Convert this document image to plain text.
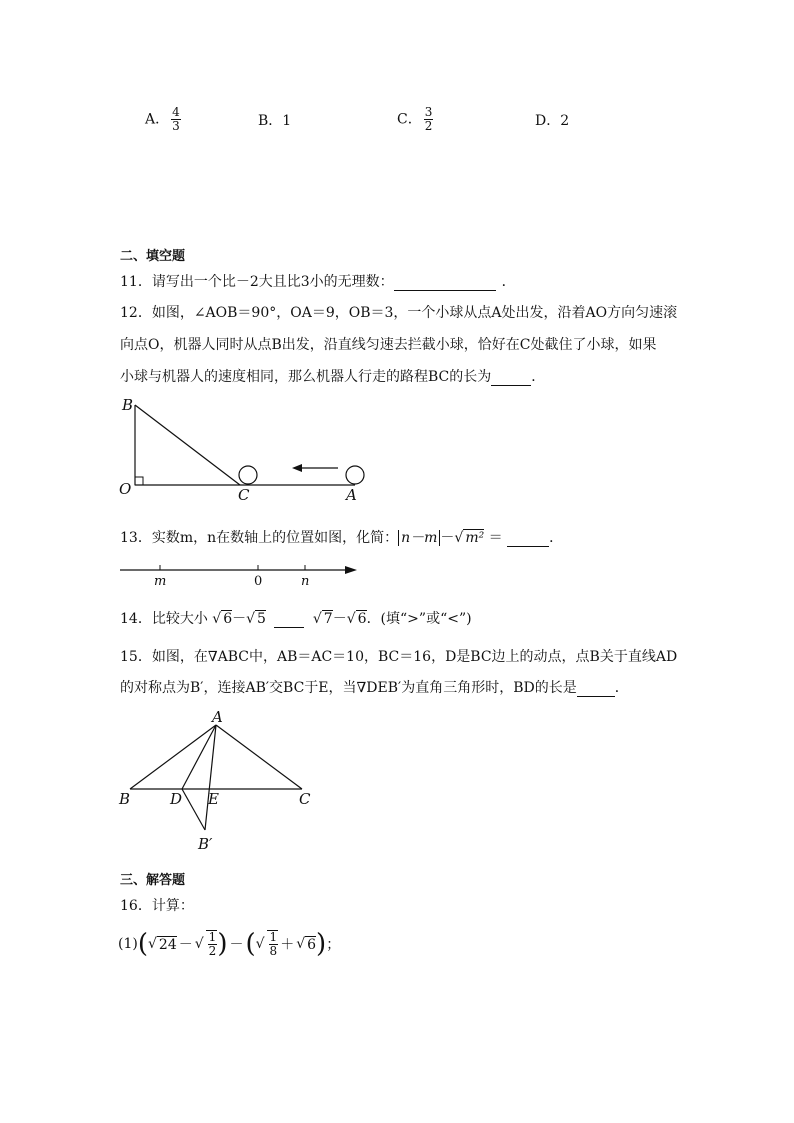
A． $\frac{4}{3}$	B．1	C． $\frac{3}{2}$	D．2
二、填空题
11．请写出一个比－2大且比3小的无理数：	．
12．如图，∠AOB＝90°，OA＝9，OB＝3，一个小球从点A处出发，沿着AO方向匀速滚
向点O，机器人同时从点B出发，沿直线匀速去拦截小球，恰好在C处截住了小球，如果
小球与机器人的速度相同，那么机器人行走的路程BC的长为	．
B
O	C	A
13．实数m，n在数轴上的位置如图，化简： n－m －√ m² ＝	．
m	0	n
14．比较大小 √ 6－√ 5	√ 7－√ 6．(填“>”或“<”)
15．如图，在∇ABC中，AB＝AC＝10，BC＝16，D是BC边上的动点，点B关于直线AD
的对称点为B′，连接AB′交BC于E，当∇DEB′为直角三角形时，BD的长是	．
A
B	D E	C
B′
三、解答题
16．计算：
(1) ( √ 24 － √ $\frac{1}{2}$ ) － ( √ $\frac{1}{8}$ ＋ √ 6 ) ；
